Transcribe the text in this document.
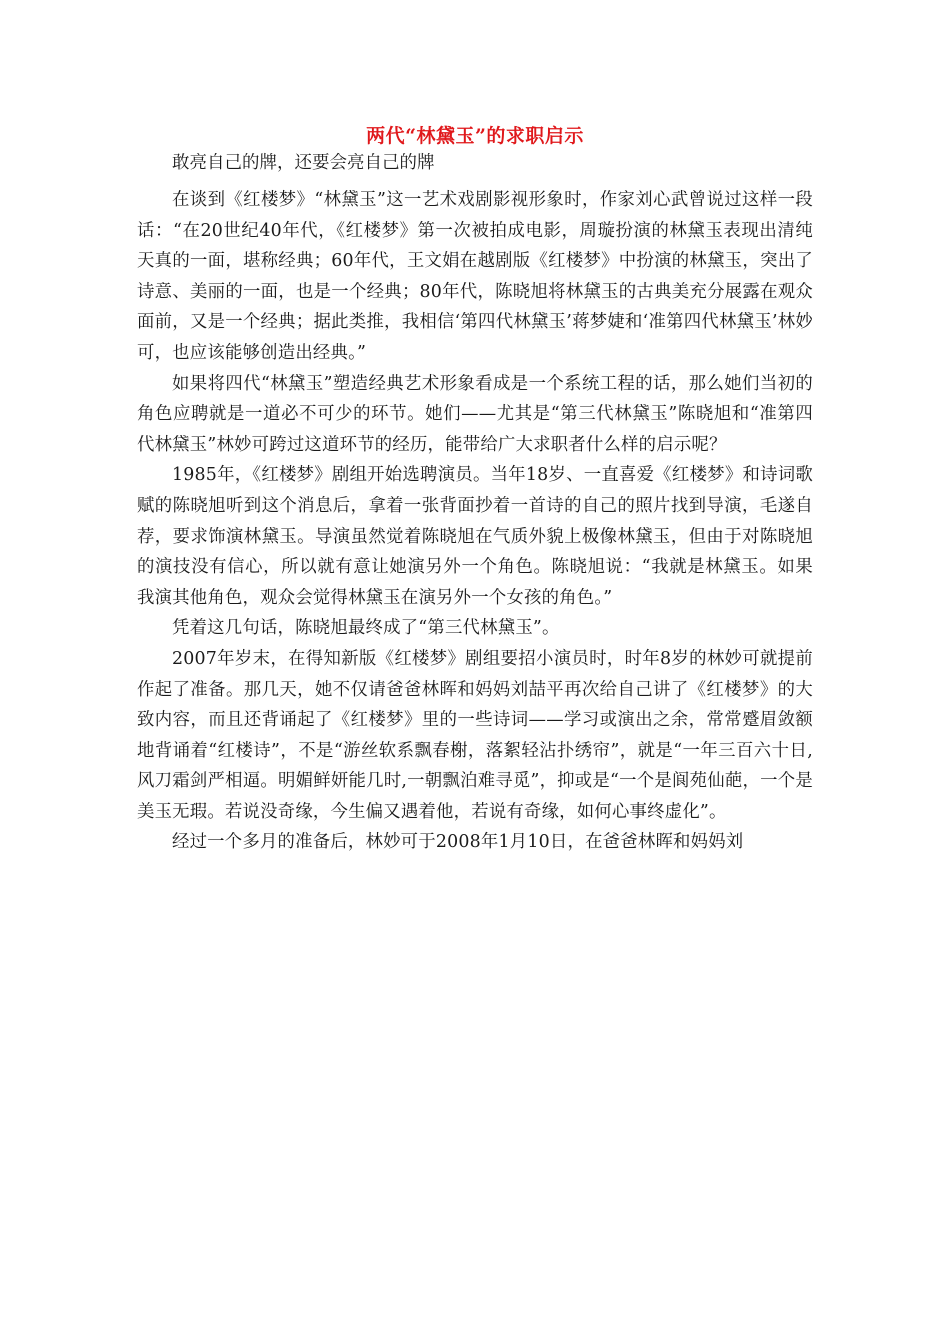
两代“林黛玉”的求职启示

敢亮自己的牌，还要会亮自己的牌

在谈到《红楼梦》“林黛玉”这一艺术戏剧影视形象时，作家刘心武曾说过这样一段话：“在20世纪40年代，《红楼梦》第一次被拍成电影，周璇扮演的林黛玉表现出清纯天真的一面，堪称经典；60年代，王文娟在越剧版《红楼梦》中扮演的林黛玉，突出了诗意、美丽的一面，也是一个经典；80年代，陈晓旭将林黛玉的古典美充分展露在观众面前，又是一个经典；据此类推，我相信‘第四代林黛玉’蒋梦婕和‘准第四代林黛玉’林妙可，也应该能够创造出经典。”

如果将四代“林黛玉”塑造经典艺术形象看成是一个系统工程的话，那么她们当初的角色应聘就是一道必不可少的环节。她们——尤其是“第三代林黛玉”陈晓旭和“准第四代林黛玉”林妙可跨过这道环节的经历，能带给广大求职者什么样的启示呢？

1985年，《红楼梦》剧组开始选聘演员。当年18岁、一直喜爱《红楼梦》和诗词歌赋的陈晓旭听到这个消息后，拿着一张背面抄着一首诗的自己的照片找到导演，毛遂自荐，要求饰演林黛玉。导演虽然觉着陈晓旭在气质外貌上极像林黛玉，但由于对陈晓旭的演技没有信心，所以就有意让她演另外一个角色。陈晓旭说：“我就是林黛玉。如果我演其他角色，观众会觉得林黛玉在演另外一个女孩的角色。”

凭着这几句话，陈晓旭最终成了“第三代林黛玉”。

2007年岁末，在得知新版《红楼梦》剧组要招小演员时，时年8岁的林妙可就提前作起了准备。那几天，她不仅请爸爸林晖和妈妈刘喆平再次给自己讲了《红楼梦》的大致内容，而且还背诵起了《红楼梦》里的一些诗词——学习或演出之余，常常蹙眉敛额地背诵着“红楼诗”，不是“游丝软系飘春榭，落絮轻沾扑绣帘”，就是“一年三百六十日,风刀霜剑严相逼。明媚鲜妍能几时,一朝飘泊难寻觅”，抑或是“一个是阆苑仙葩，一个是美玉无瑕。若说没奇缘，今生偏又遇着他，若说有奇缘，如何心事终虚化”。

经过一个多月的准备后，林妙可于2008年1月10日，在爸爸林晖和妈妈刘
